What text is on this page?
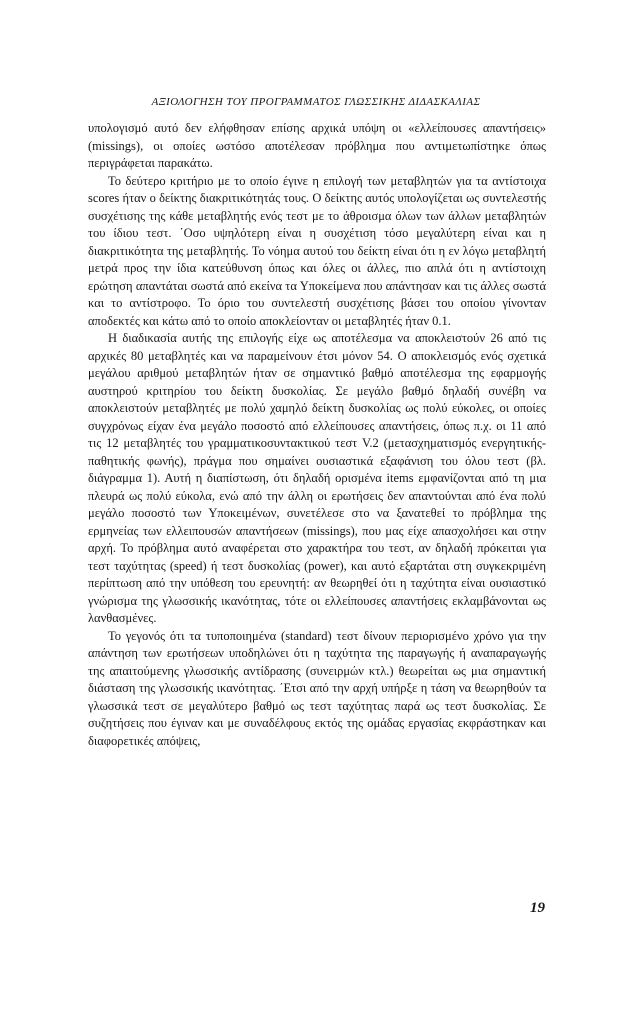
ΑΞΙΟΛΟΓΗΣΗ ΤΟΥ ΠΡΟΓΡΑΜΜΑΤΟΣ ΓΛΩΣΣΙΚΗΣ ΔΙΔΑΣΚΑΛΙΑΣ

υπολογισμό αυτό δεν ελήφθησαν επίσης αρχικά υπόψη οι «ελλείπουσες απαντήσεις» (missings), οι οποίες ωστόσο αποτέλεσαν πρόβλημα που αντιμετωπίστηκε όπως περιγράφεται παρακάτω.

Το δεύτερο κριτήριο με το οποίο έγινε η επιλογή των μεταβλητών για τα αντίστοιχα scores ήταν ο δείκτης διακριτικότητάς τους. Ο δείκτης αυτός υπολογίζεται ως συντελεστής συσχέτισης της κάθε μεταβλητής ενός τεστ με το άθροισμα όλων των άλλων μεταβλητών του ίδιου τεστ. ΄Οσο υψηλότερη είναι η συσχέτιση τόσο μεγαλύτερη είναι και η διακριτικότητα της μεταβλητής. Το νόημα αυτού του δείκτη είναι ότι η εν λόγω μεταβλητή μετρά προς την ίδια κατεύθυνση όπως και όλες οι άλλες, πιο απλά ότι η αντίστοιχη ερώτηση απαντάται σωστά από εκείνα τα Υποκείμενα που απάντησαν και τις άλλες σωστά και το αντίστροφο. Το όριο του συντελεστή συσχέτισης βάσει του οποίου γίνονταν αποδεκτές και κάτω από το οποίο αποκλείονταν οι μεταβλητές ήταν 0.1.

Η διαδικασία αυτής της επιλογής είχε ως αποτέλεσμα να αποκλειστούν 26 από τις αρχικές 80 μεταβλητές και να παραμείνουν έτσι μόνον 54. Ο αποκλεισμός ενός σχετικά μεγάλου αριθμού μεταβλητών ήταν σε σημαντικό βαθμό αποτέλεσμα της εφαρμογής αυστηρού κριτηρίου του δείκτη δυσκολίας. Σε μεγάλο βαθμό δηλαδή συνέβη να αποκλειστούν μεταβλητές με πολύ χαμηλό δείκτη δυσκολίας ως πολύ εύκολες, οι οποίες συγχρόνως είχαν ένα μεγάλο ποσοστό από ελλείπουσες απαντήσεις, όπως π.χ. οι 11 από τις 12 μεταβλητές του γραμματικοσυντακτικού τεστ V.2 (μετασχηματισμός ενεργητικής-παθητικής φωνής), πράγμα που σημαίνει ουσιαστικά εξαφάνιση του όλου τεστ (βλ. διάγραμμα 1). Αυτή η διαπίστωση, ότι δηλαδή ορισμένα items εμφανίζονται από τη μια πλευρά ως πολύ εύκολα, ενώ από την άλλη οι ερωτήσεις δεν απαντούνται από ένα πολύ μεγάλο ποσοστό των Υποκειμένων, συνετέλεσε στο να ξανατεθεί το πρόβλημα της ερμηνείας των ελλειπουσών απαντήσεων (missings), που μας είχε απασχολήσει και στην αρχή. Το πρόβλημα αυτό αναφέρεται στο χαρακτήρα του τεστ, αν δηλαδή πρόκειται για τεστ ταχύτητας (speed) ή τεστ δυσκολίας (power), και αυτό εξαρτάται στη συγκεκριμένη περίπτωση από την υπόθεση του ερευνητή: αν θεωρηθεί ότι η ταχύτητα είναι ουσιαστικό γνώρισμα της γλωσσικής ικανότητας, τότε οι ελλείπουσες απαντήσεις εκλαμβάνονται ως λανθασμένες.

Το γεγονός ότι τα τυποποιημένα (standard) τεστ δίνουν περιορισμένο χρόνο για την απάντηση των ερωτήσεων υποδηλώνει ότι η ταχύτητα της παραγωγής ή αναπαραγωγής της απαιτούμενης γλωσσικής αντίδρασης (συνειρμών κτλ.) θεωρείται ως μια σημαντική διάσταση της γλωσσικής ικανότητας. ΄Ετσι από την αρχή υπήρξε η τάση να θεωρηθούν τα γλωσσικά τεστ σε μεγαλύτερο βαθμό ως τεστ ταχύτητας παρά ως τεστ δυσκολίας. Σε συζητήσεις που έγιναν και με συναδέλφους εκτός της ομάδας εργασίας εκφράστηκαν και διαφορετικές απόψεις,

19
